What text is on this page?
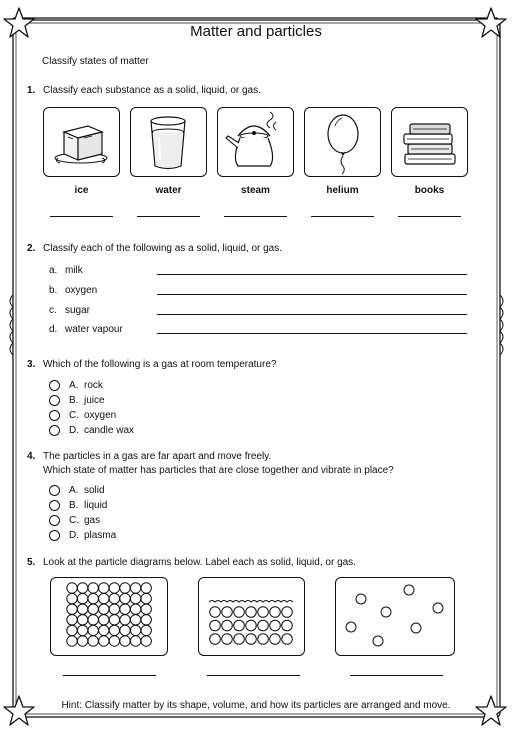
Matter and particles
Classify states of matter
1. Classify each substance as a solid, liquid, or gas.
ice	water	steam	helium	books
2. Classify each of the following as a solid, liquid, or gas.
a. milk
b. oxygen
c. sugar
d. water vapour
3. Which of the following is a gas at room temperature?
A. rock
B. juice
C. oxygen
D. candle wax
4. The particles in a gas are far apart and move freely.
Which state of matter has particles that are close together and vibrate in place?
A. solid
B. liquid
C. gas
D. plasma
5. Look at the particle diagrams below. Label each as solid, liquid, or gas.
Hint: Classify matter by its shape, volume, and how its particles are arranged and move.
